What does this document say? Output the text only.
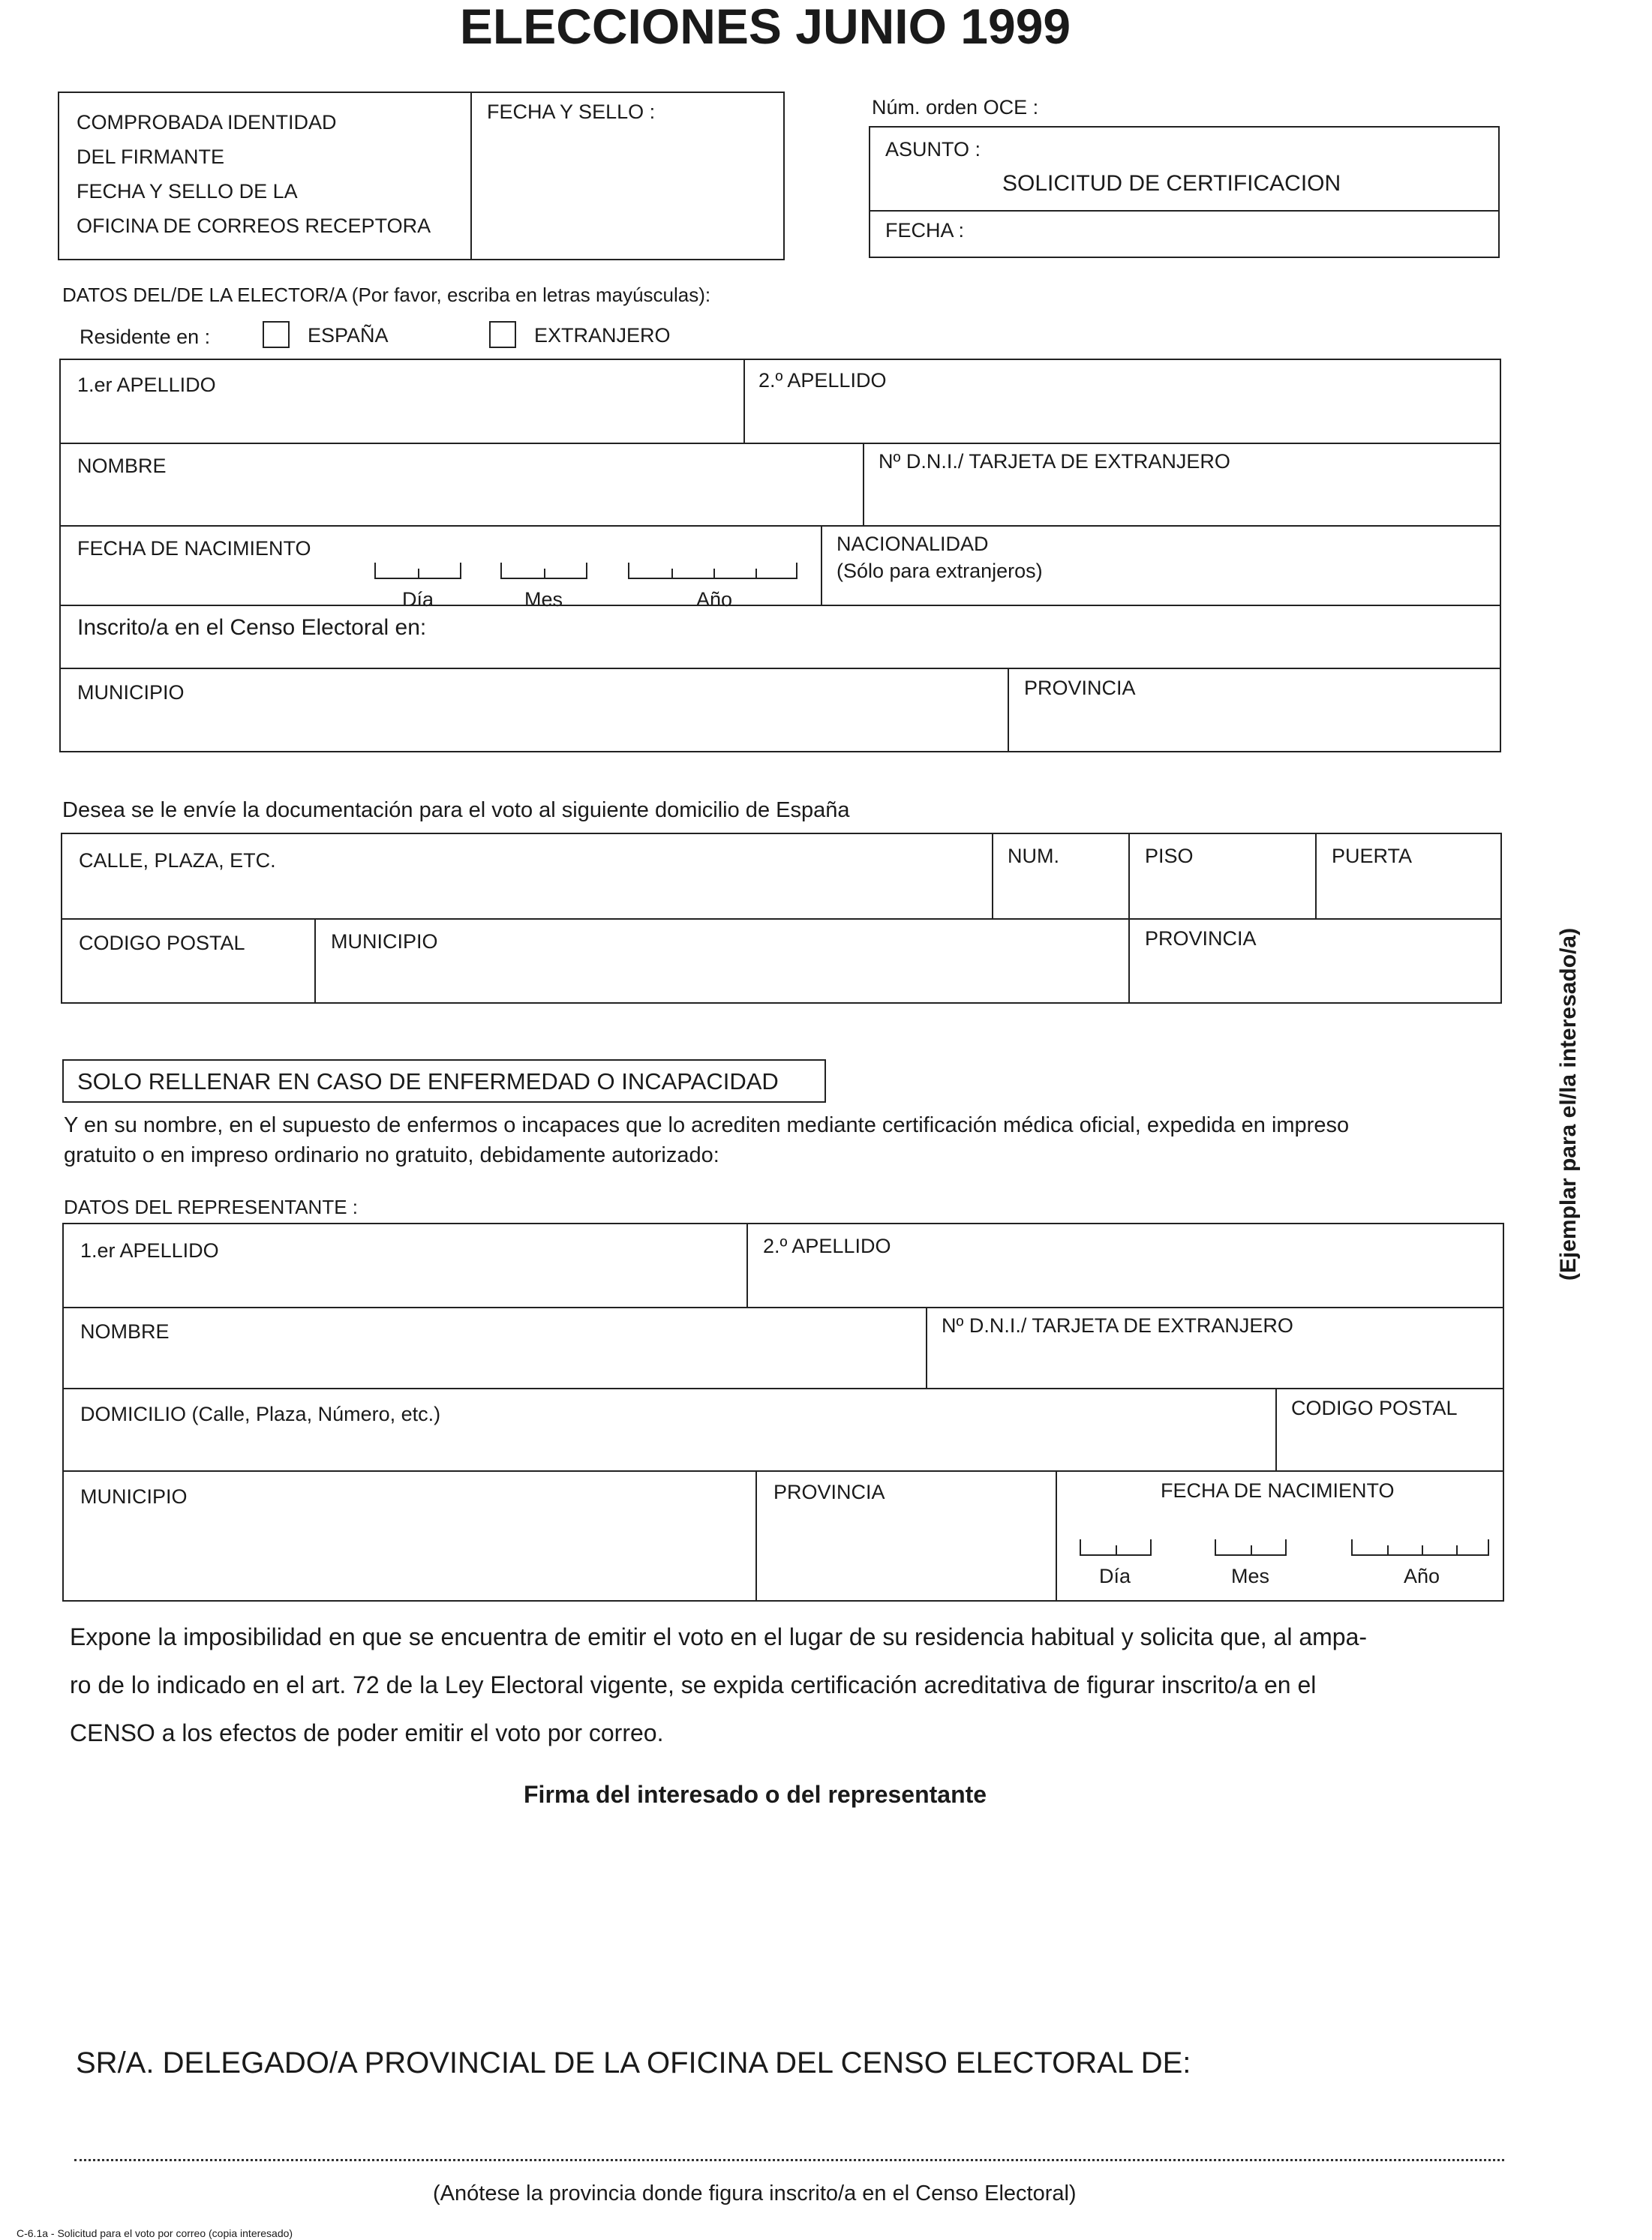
ELECCIONES JUNIO 1999
COMPROBADA IDENTIDAD
DEL FIRMANTE
FECHA Y SELLO DE LA
OFICINA DE CORREOS RECEPTORA
FECHA Y SELLO :	Núm. orden OCE :
ASUNTO :
SOLICITUD DE CERTIFICACION
FECHA :
DATOS DEL/DE LA ELECTOR/A (Por favor, escriba en letras mayúsculas):
Residente en :	ESPAÑA	EXTRANJERO
1.er APELLIDO	2.º APELLIDO
NOMBRE	Nº D.N.I./ TARJETA DE EXTRANJERO
FECHA DE NACIMIENTO
Día	Mes	Año
NACIONALIDAD
(Sólo para extranjeros)
Inscrito/a en el Censo Electoral en:
MUNICIPIO	PROVINCIA
Desea se le envíe la documentación para el voto al siguiente domicilio de España
CALLE, PLAZA, ETC.	NUM.	PISO	PUERTA
CODIGO POSTAL	MUNICIPIO	PROVINCIA
SOLO RELLENAR EN CASO DE ENFERMEDAD O INCAPACIDAD
Y en su nombre, en el supuesto de enfermos o incapaces que lo acrediten mediante certificación médica oficial, expedida en impreso
gratuito o en impreso ordinario no gratuito, debidamente autorizado:
DATOS DEL REPRESENTANTE :
1.er APELLIDO	2.º APELLIDO
NOMBRE	Nº D.N.I./ TARJETA DE EXTRANJERO
DOMICILIO (Calle, Plaza, Número, etc.)	CODIGO POSTAL
MUNICIPIO	PROVINCIA	FECHA DE NACIMIENTO
Día	Mes	Año
Expone la imposibilidad en que se encuentra de emitir el voto en el lugar de su residencia habitual y solicita que, al ampa-
ro de lo indicado en el art. 72 de la Ley Electoral vigente, se expida certificación acreditativa de figurar inscrito/a en el
CENSO a los efectos de poder emitir el voto por correo.
Firma del interesado o del representante
SR/A. DELEGADO/A PROVINCIAL DE LA OFICINA DEL CENSO ELECTORAL DE:
(Anótese la provincia donde figura inscrito/a en el Censo Electoral)
C-6.1a - Solicitud para el voto por correo (copia interesado)
(Ejemplar para el/la interesado/a)
